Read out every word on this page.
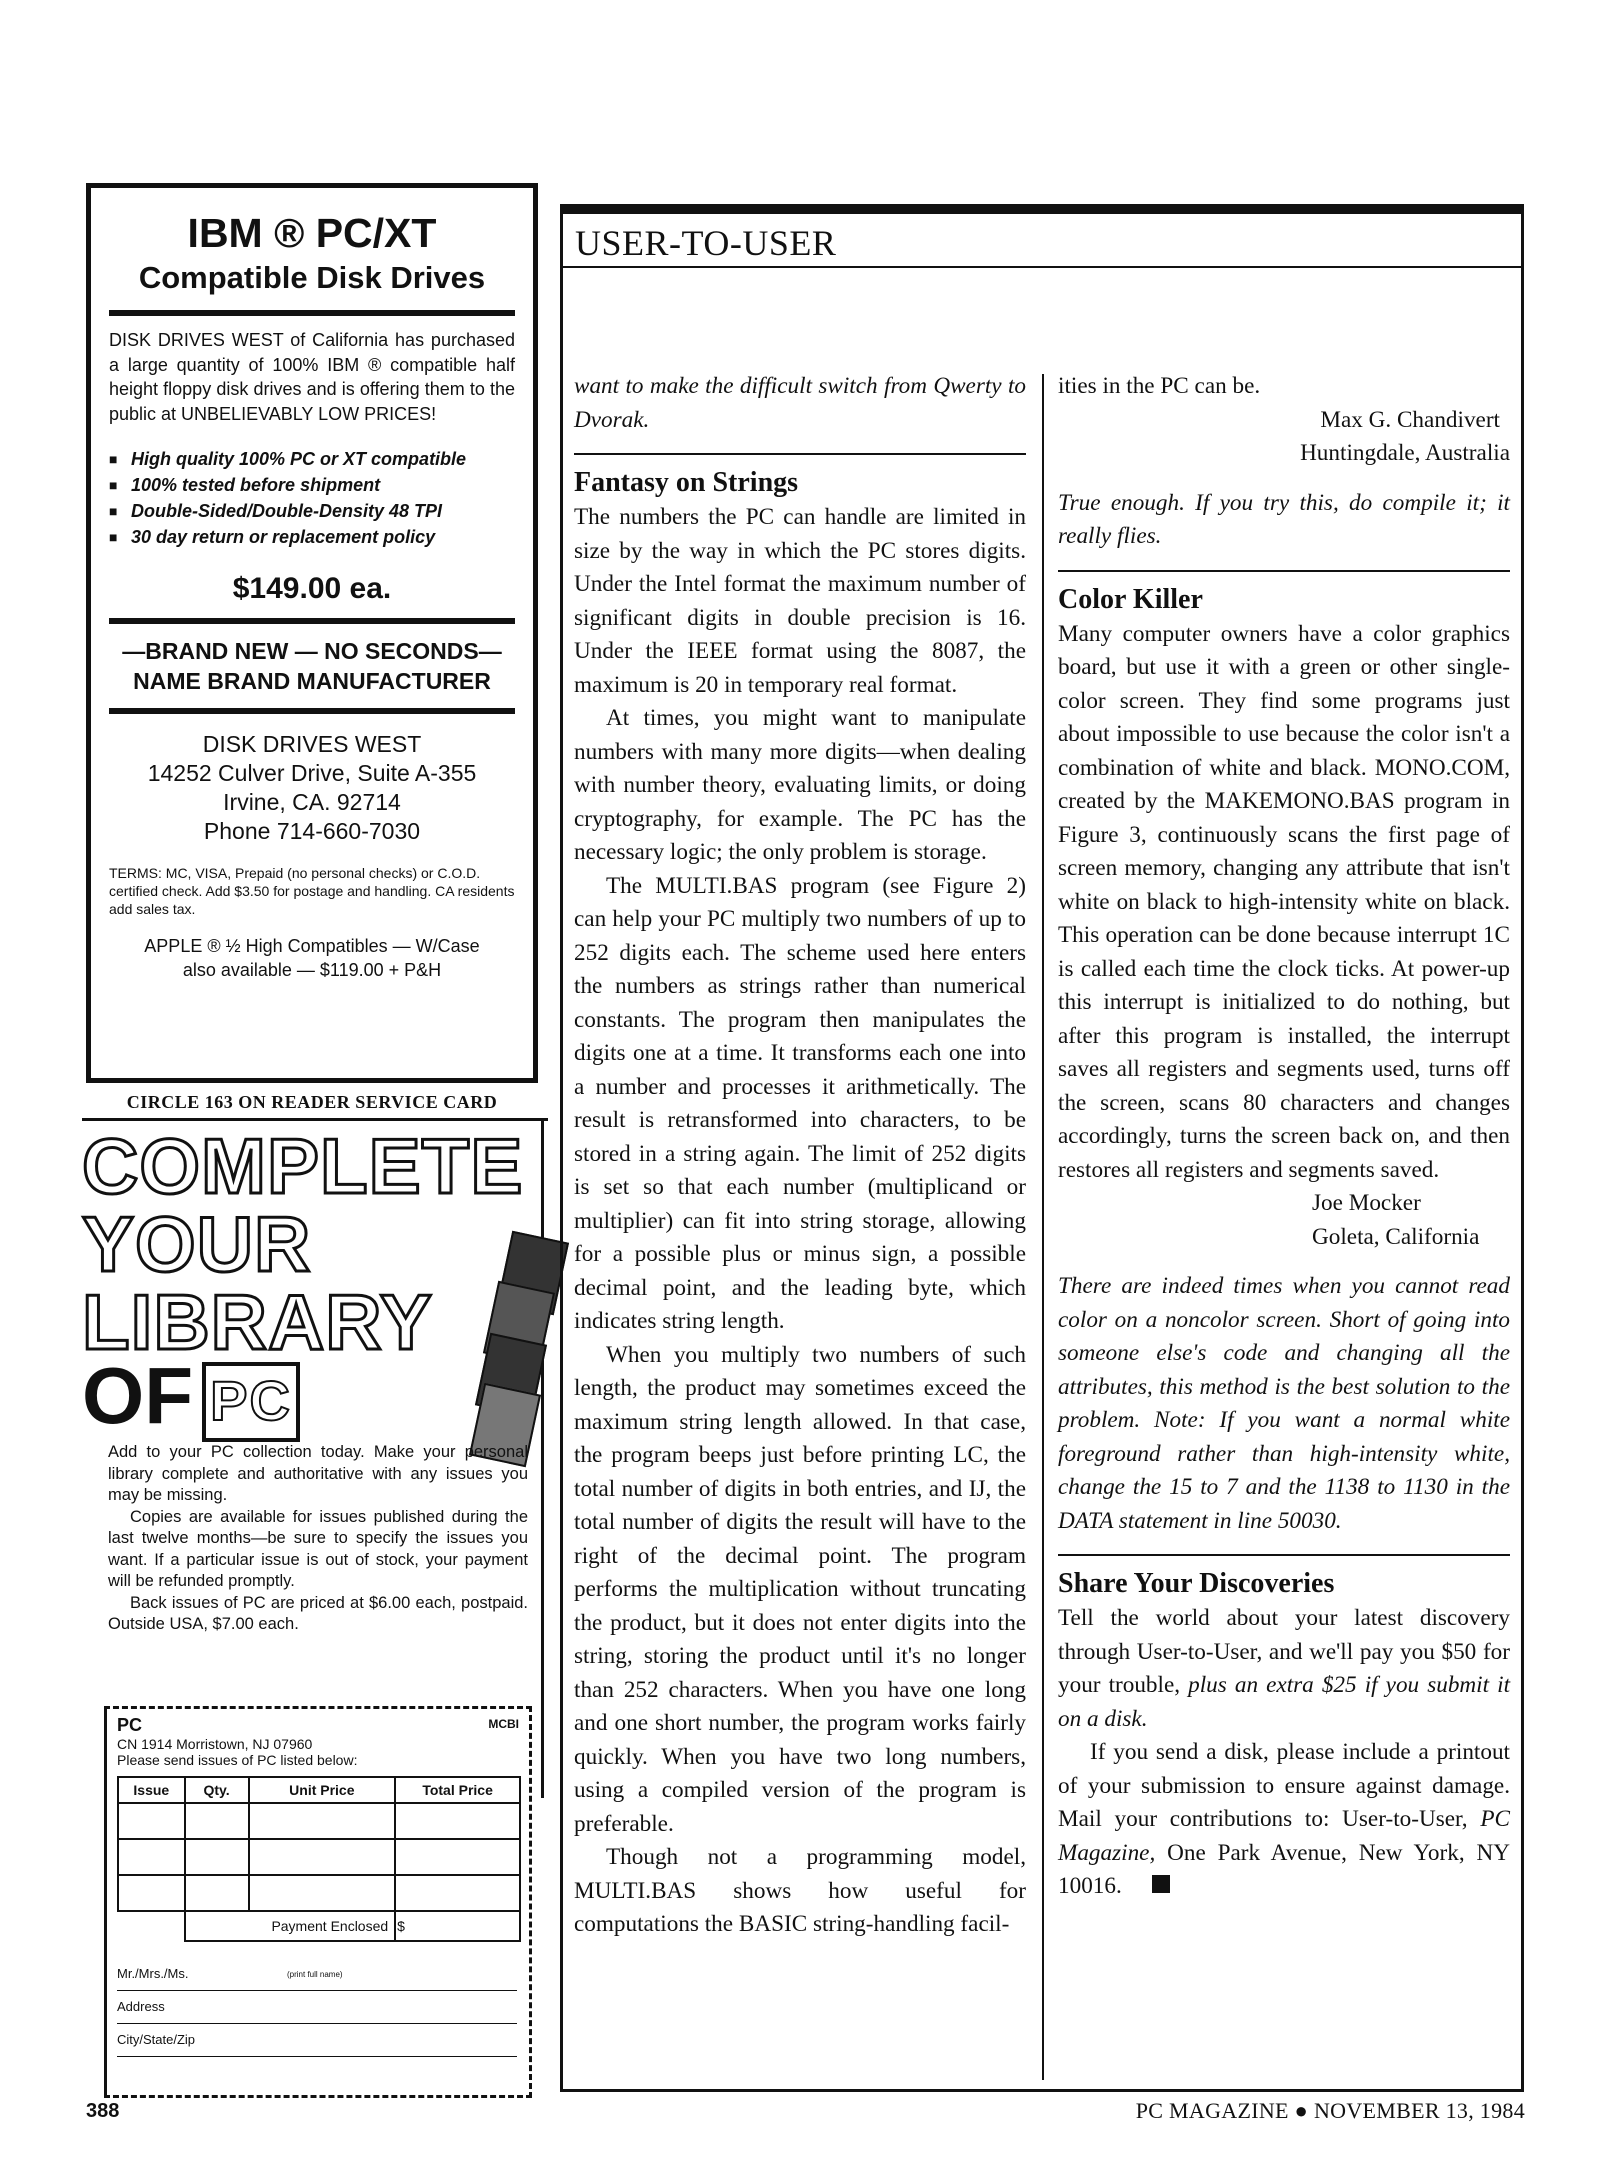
IBM ® PC/XT

Compatible Disk Drives

DISK DRIVES WEST of California has purchased a large quantity of 100% IBM ® compatible half height floppy disk drives and is offering them to the public at UNBELIEVABLY LOW PRICES!

■ High quality 100% PC or XT compatible
■ 100% tested before shipment
■ Double-Sided/Double-Density 48 TPI
■ 30 day return or replacement policy
$149.00 ea.
—BRAND NEW — NO SECONDS—
NAME BRAND MANUFACTURER
DISK DRIVES WEST
14252 Culver Drive, Suite A-355
Irvine, CA. 92714
Phone 714-660-7030

TERMS: MC, VISA, Prepaid (no personal checks) or C.O.D. certified check. Add $3.50 for postage and handling. CA residents add sales tax.

APPLE ® ½ High Compatibles — W/Case
also available — $119.00 + P&H
CIRCLE 163 ON READER SERVICE CARD
COMPLETE
YOUR
LIBRARY
OF PC

Add to your PC collection today. Make your personal library complete and authoritative with any issues you may be missing.

Copies are available for issues published during the last twelve months—be sure to specify the issues you want. If a particular issue is out of stock, your payment will be refunded promptly.

Back issues of PC are priced at $6.00 each, postpaid. Outside USA, $7.00 each.

PC	MCBI
CN 1914 Morristown, NJ 07960
Please send issues of PC listed below:
Issue	Qty.	Unit Price	Total Price

	Payment Enclosed		$
Mr./Mrs./Ms.	(print full name)
Address
City/State/Zip
USER-TO-USER

want to make the difficult switch from Qwerty to Dvorak.

Fantasy on Strings

The numbers the PC can handle are limited in size by the way in which the PC stores digits. Under the Intel format the maximum number of significant digits in double precision is 16. Under the IEEE format using the 8087, the maximum is 20 in temporary real format.

At times, you might want to manipulate numbers with many more digits—when dealing with number theory, evaluating limits, or doing cryptography, for example. The PC has the necessary logic; the only problem is storage.

The MULTI.BAS program (see Figure 2) can help your PC multiply two numbers of up to 252 digits each. The scheme used here enters the numbers as strings rather than numerical constants. The program then manipulates the digits one at a time. It transforms each one into a number and processes it arithmetically. The result is retransformed into characters, to be stored in a string again. The limit of 252 digits is set so that each number (multiplicand or multiplier) can fit into string storage, allowing for a possible plus or minus sign, a possible decimal point, and the leading byte, which indicates string length.

When you multiply two numbers of such length, the product may sometimes exceed the maximum string length allowed. In that case, the program beeps just before printing LC, the total number of digits in both entries, and IJ, the total number of digits the result will have to the right of the decimal point. The program performs the multiplication without truncating the product, but it does not enter digits into the string, storing the product until it's no longer than 252 characters. When you have one long and one short number, the program works fairly quickly. When you have two long numbers, using a compiled version of the program is preferable.

Though not a programming model, MULTI.BAS shows how useful for computations the BASIC string-handling facil-

ities in the PC can be.

Max G. Chandivert

Huntingdale, Australia

True enough. If you try this, do compile it; it really flies.

Color Killer

Many computer owners have a color graphics board, but use it with a green or other single-color screen. They find some programs just about impossible to use because the color isn't a combination of white and black. MONO.COM, created by the MAKEMONO.BAS program in Figure 3, continuously scans the first page of screen memory, changing any attribute that isn't white on black to high-intensity white on black. This operation can be done because interrupt 1C is called each time the clock ticks. At power-up this interrupt is initialized to do nothing, but after this program is installed, the interrupt saves all registers and segments used, turns off the screen, scans 80 characters and changes accordingly, turns the screen back on, and then restores all registers and segments saved.

Joe Mocker

Goleta, California

There are indeed times when you cannot read color on a noncolor screen. Short of going into someone else's code and changing all the attributes, this method is the best solution to the problem. Note: If you want a normal white foreground rather than high-intensity white, change the 15 to 7 and the 1138 to 1130 in the DATA statement in line 50030.

Share Your Discoveries

Tell the world about your latest discovery through User-to-User, and we'll pay you $50 for your trouble, plus an extra $25 if you submit it on a disk.

If you send a disk, please include a printout of your submission to ensure against damage. Mail your contributions to: User-to-User, PC Magazine, One Park Avenue, New York, NY 10016.

388	PC MAGAZINE ● NOVEMBER 13, 1984
